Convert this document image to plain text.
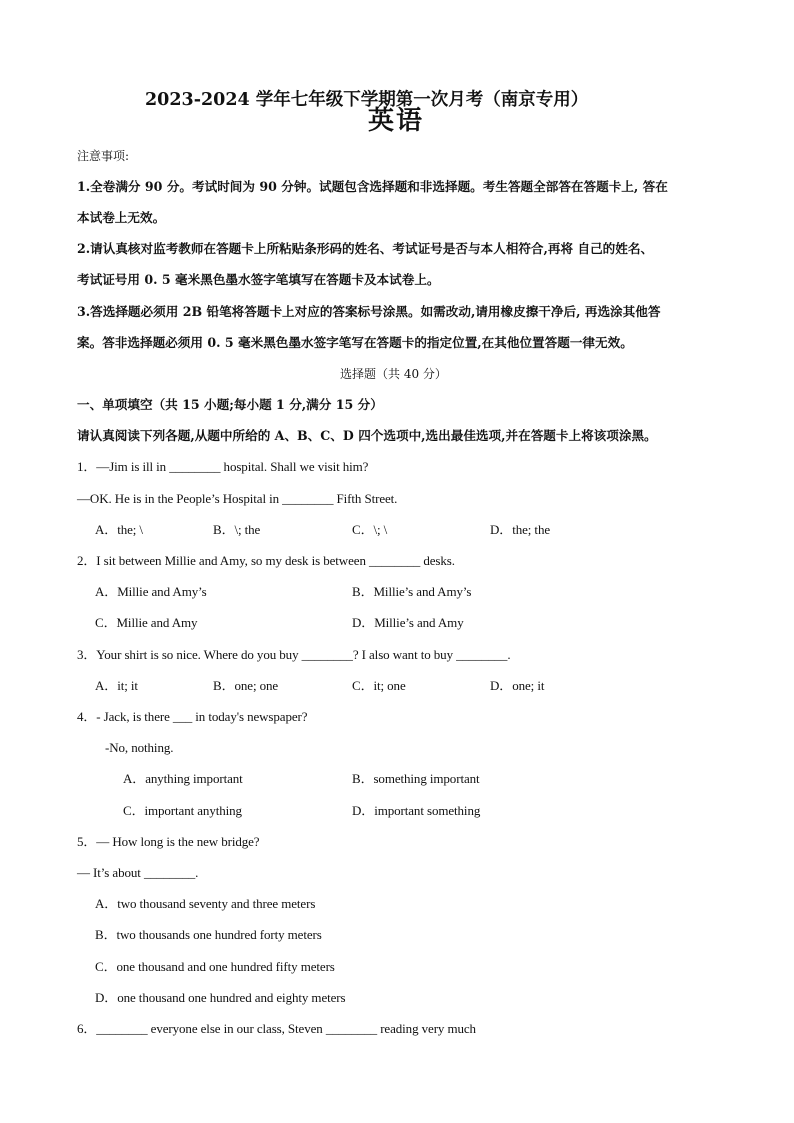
2023-2024 学年七年级下学期第一次月考（南京专用）
英语
注意事项:
1.全卷满分 90 分。考试时间为 90 分钟。试题包含选择题和非选择题。考生答题全部答在答题卡上, 答在
本试卷上无效。
2.请认真核对监考教师在答题卡上所粘贴条形码的姓名、考试证号是否与本人相符合,再将 自己的姓名、
考试证号用 0. 5 毫米黑色墨水签字笔填写在答题卡及本试卷上。
3.答选择题必须用 2B 铅笔将答题卡上对应的答案标号涂黑。如需改动,请用橡皮擦干净后, 再选涂其他答
案。答非选择题必须用 0. 5 毫米黑色墨水签字笔写在答题卡的指定位置,在其他位置答题一律无效。
选择题（共 40 分）
一、单项填空（共 15 小题;每小题 1 分,满分 15 分）
请认真阅读下列各题,从题中所给的 A、B、C、D 四个选项中,选出最佳选项,并在答题卡上将该项涂黑。
1．—Jim is ill in ________ hospital. Shall we visit him?
—OK. He is in the People’s Hospital in ________ Fifth Street.
A．the; \	B．\; the	C．\; \	D．the; the
2．I sit between Millie and Amy, so my desk is between ________ desks.
A．Millie and Amy’s	B．Millie’s and Amy’s
C．Millie and Amy	D．Millie’s and Amy
3．Your shirt is so nice. Where do you buy ________? I also want to buy ________.
A．it; it	B．one; one	C．it; one	D．one; it
4．- Jack, is there ___ in today's newspaper?
-No, nothing.
A．anything important	B．something important
C．important anything	D．important something
5．— How long is the new bridge?
— It’s about ________.
A．two thousand seventy and three meters
B．two thousands one hundred forty meters
C．one thousand and one hundred fifty meters
D．one thousand one hundred and eighty meters
6．________ everyone else in our class, Steven ________ reading very much
